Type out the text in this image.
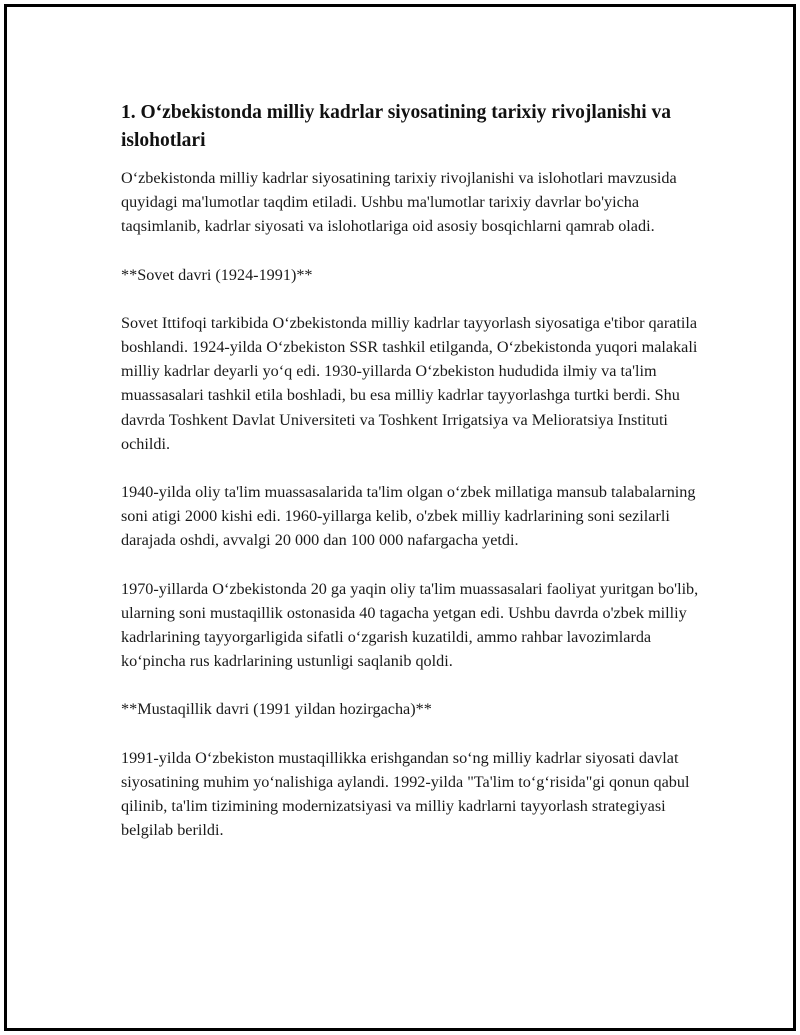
1. Oʻzbekistonda milliy kadrlar siyosatining tarixiy rivojlanishi va islohotlari

Oʻzbekistonda milliy kadrlar siyosatining tarixiy rivojlanishi va islohotlari mavzusida quyidagi ma'lumotlar taqdim etiladi. Ushbu ma'lumotlar tarixiy davrlar bo'yicha taqsimlanib, kadrlar siyosati va islohotlariga oid asosiy bosqichlarni qamrab oladi.

**Sovet davri (1924-1991)**

Sovet Ittifoqi tarkibida Oʻzbekistonda milliy kadrlar tayyorlash siyosatiga e'tibor qaratila boshlandi. 1924-yilda Oʻzbekiston SSR tashkil etilganda, Oʻzbekistonda yuqori malakali milliy kadrlar deyarli yoʻq edi. 1930-yillarda Oʻzbekiston hududida ilmiy va ta'lim muassasalari tashkil etila boshladi, bu esa milliy kadrlar tayyorlashga turtki berdi. Shu davrda Toshkent Davlat Universiteti va Toshkent Irrigatsiya va Melioratsiya Instituti ochildi.

1940-yilda oliy ta'lim muassasalarida ta'lim olgan oʻzbek millatiga mansub talabalarning soni atigi 2000 kishi edi. 1960-yillarga kelib, o'zbek milliy kadrlarining soni sezilarli darajada oshdi, avvalgi 20 000 dan 100 000 nafargacha yetdi.

1970-yillarda Oʻzbekistonda 20 ga yaqin oliy ta'lim muassasalari faoliyat yuritgan bo'lib, ularning soni mustaqillik ostonasida 40 tagacha yetgan edi. Ushbu davrda o'zbek milliy kadrlarining tayyorgarligida sifatli oʻzgarish kuzatildi, ammo rahbar lavozimlarda koʻpincha rus kadrlarining ustunligi saqlanib qoldi.

**Mustaqillik davri (1991 yildan hozirgacha)**

1991-yilda Oʻzbekiston mustaqillikka erishgandan soʻng milliy kadrlar siyosati davlat siyosatining muhim yoʻnalishiga aylandi. 1992-yilda "Ta'lim toʻgʻrisida"gi qonun qabul qilinib, ta'lim tizimining modernizatsiyasi va milliy kadrlarni tayyorlash strategiyasi belgilab berildi.
